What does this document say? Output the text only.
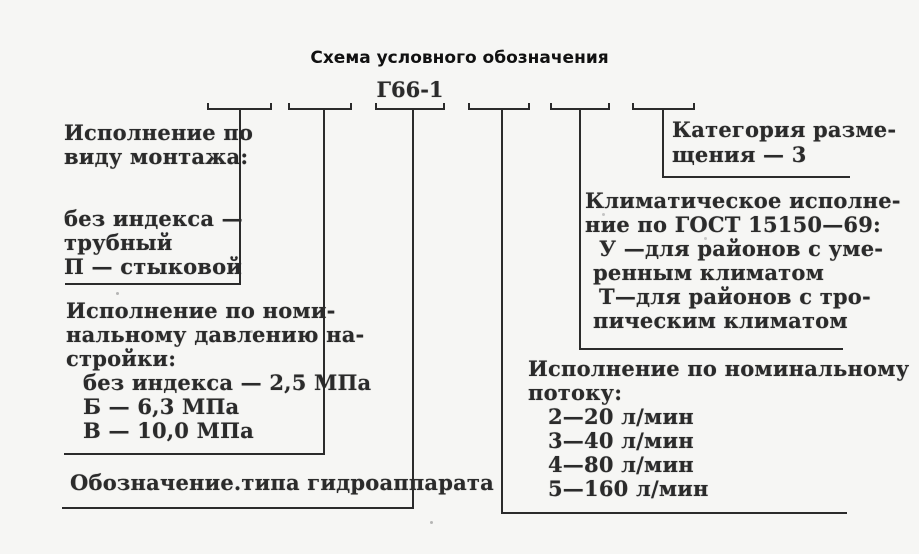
Схема условного обозначения
Г66-1
Исполнение по
виду монтажа:
без индекса —
трубный
П — стыковой
Исполнение по номи-
нальному давлению на-
стройки:
без индекса — 2,5 МПа
Б — 6,3 МПа
В — 10,0 МПа
Обозначение.типа гидроаппарата
Исполнение по номинальному
потоку:
2—20 л/мин
3—40 л/мин
4—80 л/мин
5—160 л/мин
Климатическое исполне-
ние по ГОСТ 15150—69:
У —для районов с уме-
ренным климатом
Т—для районов с тро-
пическим климатом
Категория разме-
щения — 3
